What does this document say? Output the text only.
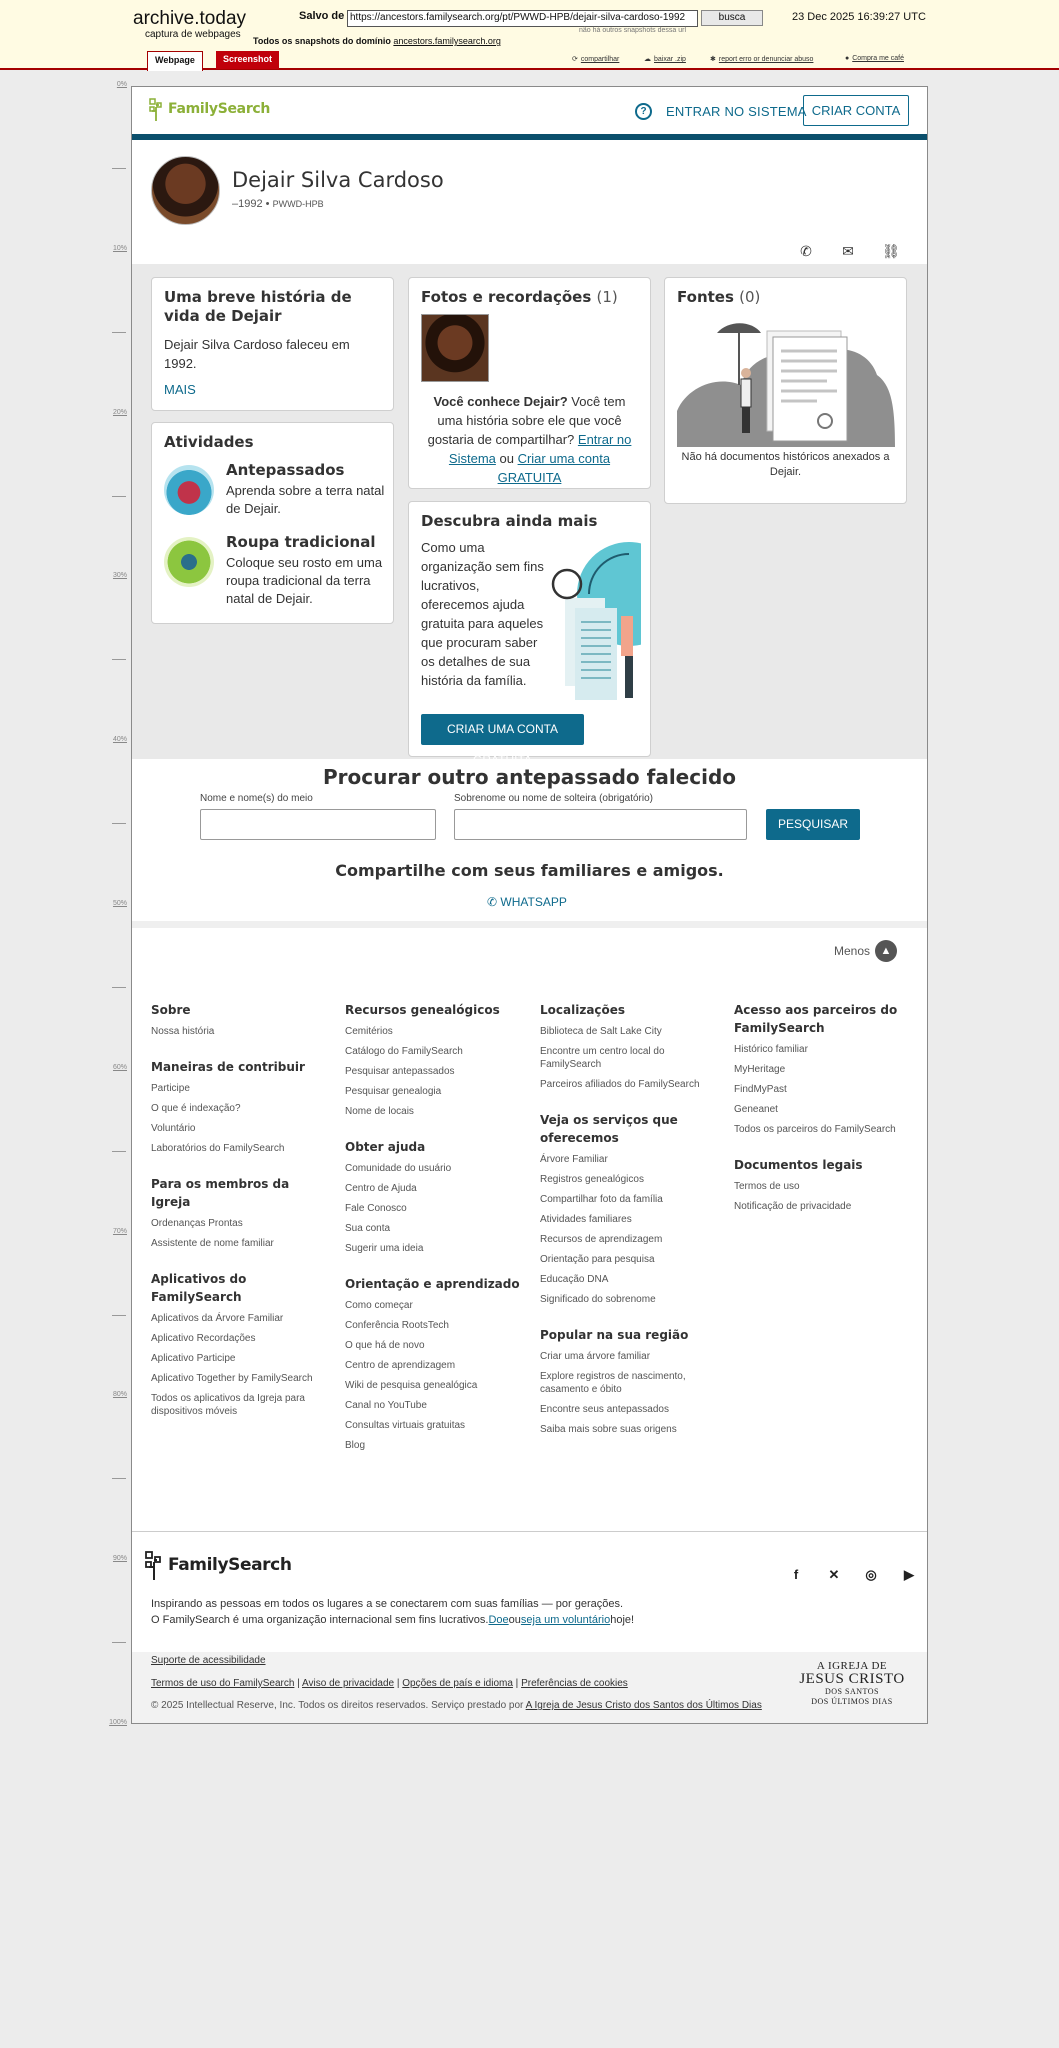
archive.today
captura de webpages
Salvo de https://ancestors.familysearch.org/pt/PWWD-HPB/dejair-silva-cardoso-1992	busca	23 Dec 2025 16:39:27 UTC
não há outros snapshots dessa url
Todos os snapshots do domínio ancestors.familysearch.org
Webpage	Screenshot	⟳ compartilhar	☁ baixar .zip	✱ report erro or denunciar abuso	● Compra me café
0%
10%
20%
30%
40%
50%
60%
70%
80%
90%
100%
FamilySearch	?	ENTRAR NO SISTEMA CRIAR CONTA
Dejair Silva Cardoso
–1992 • PWWD-HPB
✆ ✉ ⛓
Uma breve história de vida de Dejair

Dejair Silva Cardoso faleceu em 1992.

MAIS
Atividades
Antepassados
Aprenda sobre a terra natal de Dejair.
Roupa tradicional
Coloque seu rosto em uma roupa tradicional da terra natal de Dejair.
Fotos e recordações (1)

Você conhece Dejair? Você tem uma história sobre ele que você gostaria de compartilhar? Entrar no Sistema ou Criar uma conta GRATUITA

Descubra ainda mais

Como uma organização sem fins lucrativos, oferecemos ajuda gratuita para aqueles que procuram saber os detalhes de sua história da família.

CRIAR UMA CONTA
Fontes (0)

Não há documentos históricos anexados a Dejair.

Procurar outro antepassado falecido
Nome e nome(s) do meio	Sobrenome ou nome de solteira (obrigatório)
PESQUISAR
Compartilhe com seus familiares e amigos.
✆ WHATSAPP
Menos ▲
Sobre
Nossa história
Maneiras de contribuir
Participe
O que é indexação?
Voluntário
Laboratórios do FamilySearch
Para os membros da Igreja
Ordenanças Prontas
Assistente de nome familiar
Aplicativos do FamilySearch
Aplicativos da Árvore Familiar
Aplicativo Recordações
Aplicativo Participe
Aplicativo Together by FamilySearch
Todos os aplicativos da Igreja para dispositivos móveis
Recursos genealógicos
Cemitérios
Catálogo do FamilySearch
Pesquisar antepassados
Pesquisar genealogia
Nome de locais
Obter ajuda
Comunidade do usuário
Centro de Ajuda
Fale Conosco
Sua conta
Sugerir uma ideia
Orientação e aprendizado
Como começar
Conferência RootsTech
O que há de novo
Centro de aprendizagem
Wiki de pesquisa genealógica
Canal no YouTube
Consultas virtuais gratuitas
Blog
Localizações
Biblioteca de Salt Lake City
Encontre um centro local do FamilySearch
Parceiros afiliados do FamilySearch
Veja os serviços que oferecemos
Árvore Familiar
Registros genealógicos
Compartilhar foto da família
Atividades familiares
Recursos de aprendizagem
Orientação para pesquisa
Educação DNA
Significado do sobrenome
Popular na sua região
Criar uma árvore familiar
Explore registros de nascimento, casamento e óbito
Encontre seus antepassados
Saiba mais sobre suas origens
Acesso aos parceiros do FamilySearch
Histórico familiar
MyHeritage
FindMyPast
Geneanet
Todos os parceiros do FamilySearch
Documentos legais
Termos de uso
Notificação de privacidade
FamilySearch	f	✕ ◎	▶
Inspirando as pessoas em todos os lugares a se conectarem com suas famílias — por gerações.
O FamilySearch é uma organização internacional sem fins lucrativos.Doeouseja um voluntáriohoje!
Suporte de acessibilidade
Termos de uso do FamilySearch | Aviso de privacidade | Opções de país e idioma | Preferências de cookies
© 2025 Intellectual Reserve, Inc. Todos os direitos reservados. Serviço prestado por A Igreja de Jesus Cristo dos Santos dos Últimos Dias
A IGREJA DE
JESUS CRISTO
DOS SANTOS
DOS ÚLTIMOS DIAS
